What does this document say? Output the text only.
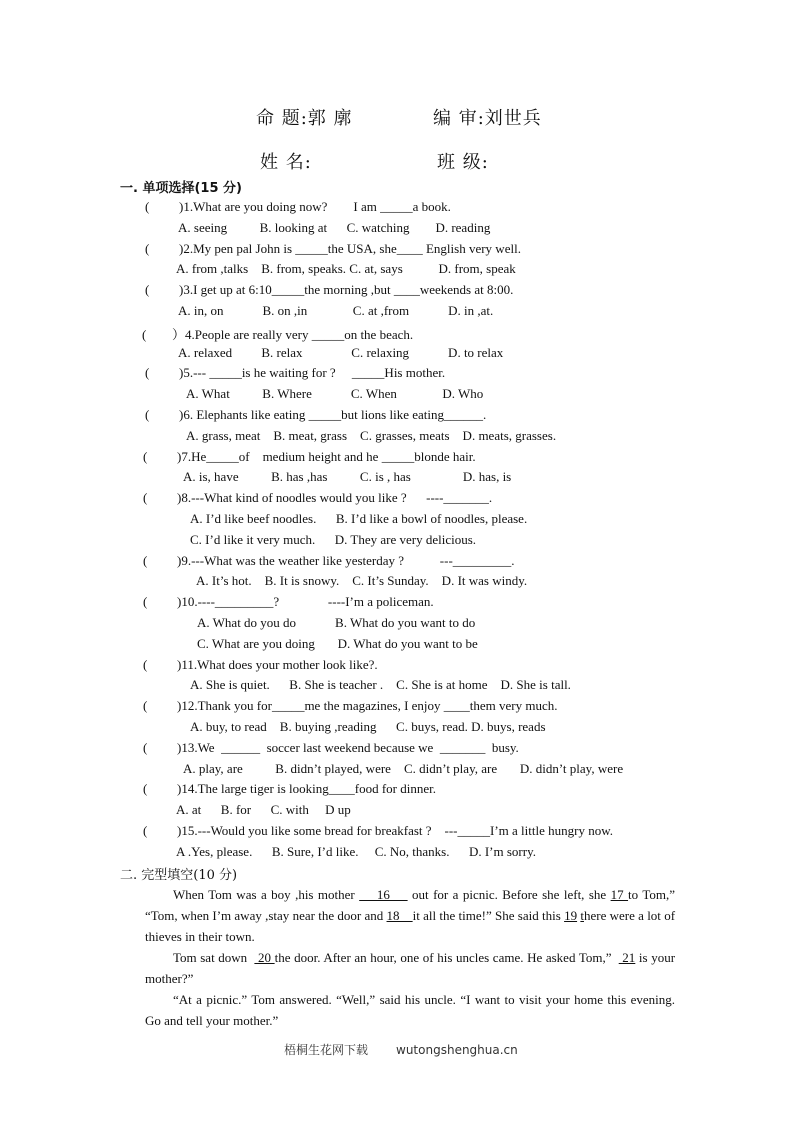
命 题:郭 廓	编 审:刘世兵
姓 名:	班 级:
一. 单项选择(15 分)
( )1.What are you doing now?        I am _____a book.
A. seeing          B. looking at      C. watching        D. reading
( )2.My pen pal John is _____the USA, she____ English very well.
A. from ,talks    B. from, speaks. C. at, says           D. from, speak
( )3.I get up at 6:10_____the morning ,but ____weekends at 8:00.
A. in, on            B. on ,in              C. at ,from            D. in ,at.
( ）4.People are really very _____on the beach.
A. relaxed         B. relax               C. relaxing            D. to relax
( )5.--- _____is he waiting for ?     _____His mother.
A. What          B. Where            C. When              D. Who
( )6. Elephants like eating _____but lions like eating______.
A. grass, meat    B. meat, grass    C. grasses, meats    D. meats, grasses.
( )7.He_____of    medium height and he _____blonde hair.
A. is, have          B. has ,has          C. is , has                D. has, is
( )8.---What kind of noodles would you like ?      ----_______.
A. I’d like beef noodles.      B. I’d like a bowl of noodles, please.
C. I’d like it very much.      D. They are very delicious.
( )9.---What was the weather like yesterday ?           ---_________.
A. It’s hot.    B. It is snowy.    C. It’s Sunday.    D. It was windy.
( )10.----_________?               ----I’m a policeman.
A. What do you do            B. What do you want to do
C. What are you doing       D. What do you want to be
( )11.What does your mother look like?.
A. She is quiet.      B. She is teacher .    C. She is at home    D. She is tall.
( )12.Thank you for_____me the magazines, I enjoy ____them very much.
A. buy, to read    B. buying ,reading      C. buys, read. D. buys, reads
( )13.We  ______  soccer last weekend because we  _______  busy.
A. play, are          B. didn’t played, were    C. didn’t play, are       D. didn’t play, were
( )14.The large tiger is looking____food for dinner.
A. at      B. for      C. with     D up
( )15.---Would you like some bread for breakfast ?    ---_____I’m a little hungry now.
A .Yes, please.      B. Sure, I’d like.     C. No, thanks.      D. I’m sorry.
二. 完型填空(10 分)
When Tom was a boy ,his mother     16     out for a picnic. Before she left, she 17 to Tom,” “Tom, when I’m away ,stay near the door and 18    it all the time!” She said this 19 there were a lot of thieves in their town.
Tom sat down   20 the door. After an hour, one of his uncles came. He asked Tom,”   21 is your mother?”
“At a picnic.” Tom answered. “Well,” said his uncle. “I want to visit your home this evening. Go and tell your mother.”
梧桐生花网下载 wutongshenghua.cn
